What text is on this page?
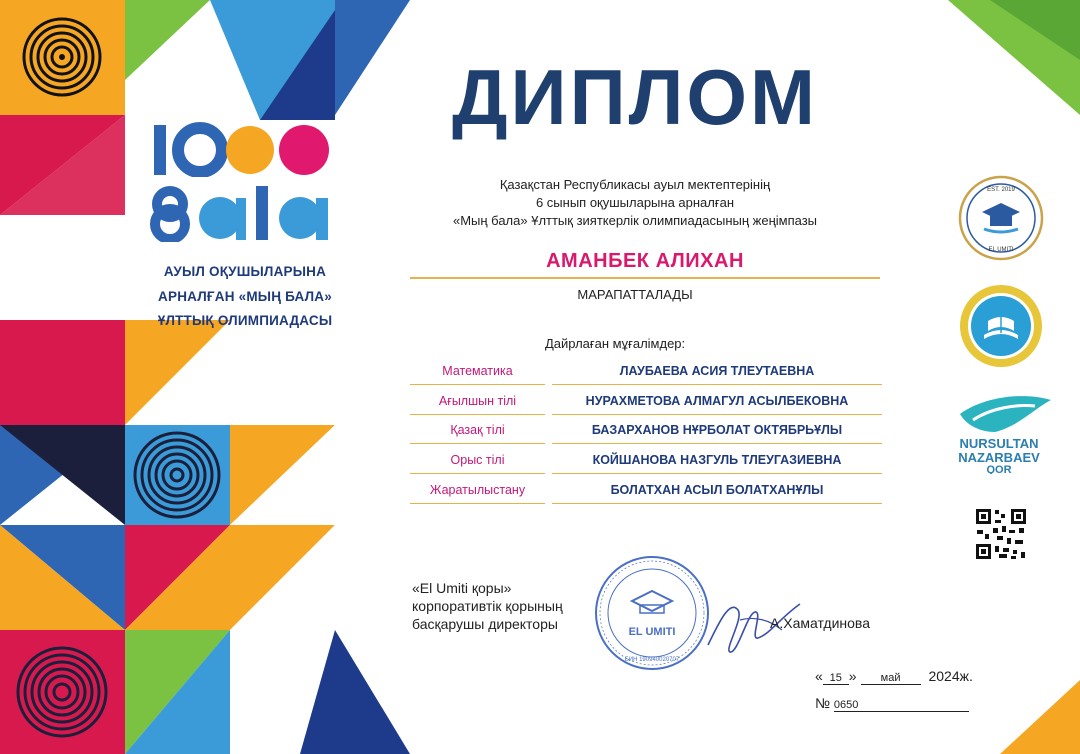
АУЫЛ ОҚУШЫЛАРЫНА
АРНАЛҒАН «МЫҢ БАЛА»
ҰЛТТЫҚ ОЛИМПИАДАСЫ
ДИПЛОМ
Қазақстан Республикасы ауыл мектептерінің
6 сынып оқушыларына арналған
«Мың бала» Ұлттық зияткерлік олимпиадасының жеңімпазы
АМАНБЕК АЛИХАН
МАРАПАТТАЛАДЫ
Дайрлаған мұғалімдер:
Математика	ЛАУБАЕВА АСИЯ ТЛЕУТАЕВНА
Ағылшын тілі	НУРАХМЕТОВА АЛМАГУЛ АСЫЛБЕКОВНА
Қазақ тілі	БАЗАРХАНОВ НҰРБОЛАТ ОКТЯБРЬҰЛЫ
Орыс тілі	КОЙШАНОВА НАЗГУЛЬ ТЛЕУГАЗИЕВНА
Жаратылыстану	БОЛАТХАН АСЫЛ БОЛАТХАНҰЛЫ
«El Umiti қоры»
корпоративтік қорының
басқарушы директоры	EL UMITI
БИН 190940020707
А.Хаматдинова
« 15 » май 2024ж.
№ 0650
EST. 2019
EL UMITI
NURSULTAN
NAZARBAEV
QOR
